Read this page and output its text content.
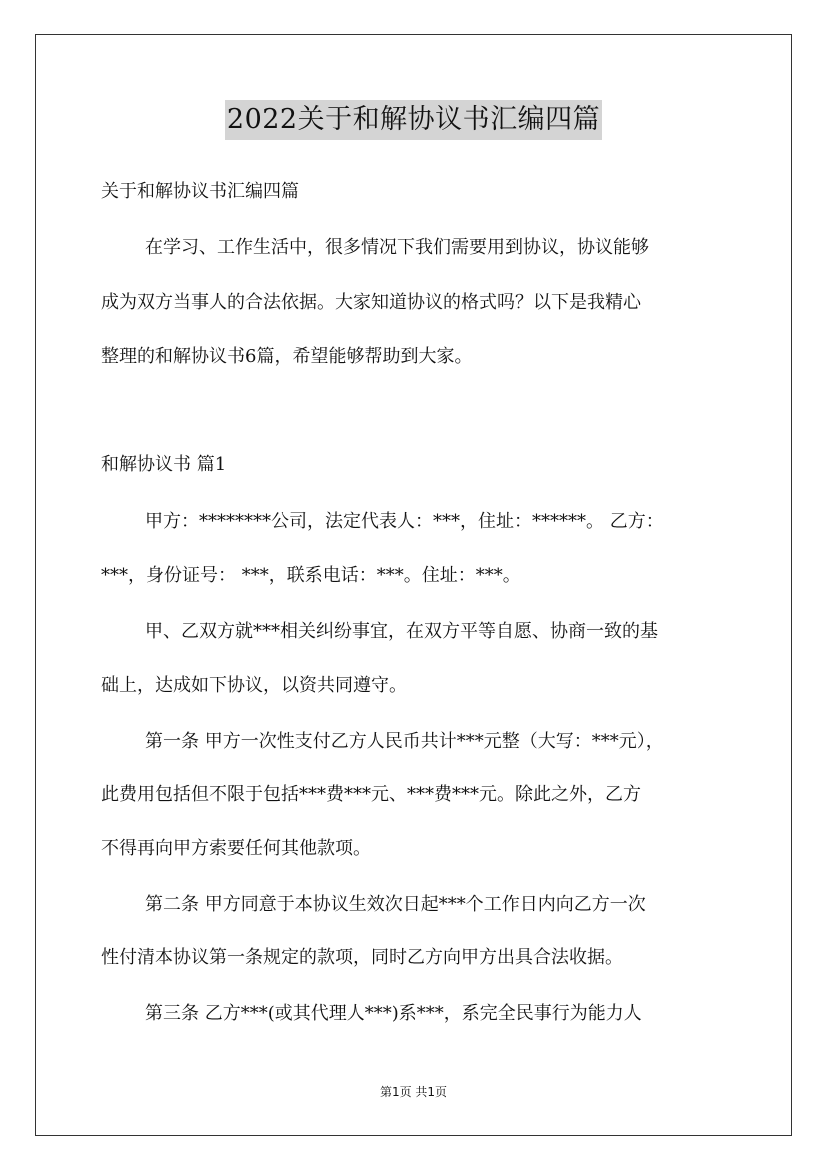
2022关于和解协议书汇编四篇
关于和解协议书汇编四篇
在学习、工作生活中，很多情况下我们需要用到协议，协议能够
成为双方当事人的合法依据。大家知道协议的格式吗？以下是我精心
整理的和解协议书6篇，希望能够帮助到大家。
和解协议书 篇1
甲方：********公司，法定代表人：***，住址：******。 乙方：
***，身份证号： ***，联系电话：***。住址：***。
甲、乙双方就***相关纠纷事宜，在双方平等自愿、协商一致的基
础上，达成如下协议，以资共同遵守。
第一条 甲方一次性支付乙方人民币共计***元整（大写：***元），
此费用包括但不限于包括***费***元、***费***元。除此之外，乙方
不得再向甲方索要任何其他款项。
第二条 甲方同意于本协议生效次日起***个工作日内向乙方一次
性付清本协议第一条规定的款项，同时乙方向甲方出具合法收据。
第三条 乙方***(或其代理人***)系***，系完全民事行为能力人
第1页 共1页
